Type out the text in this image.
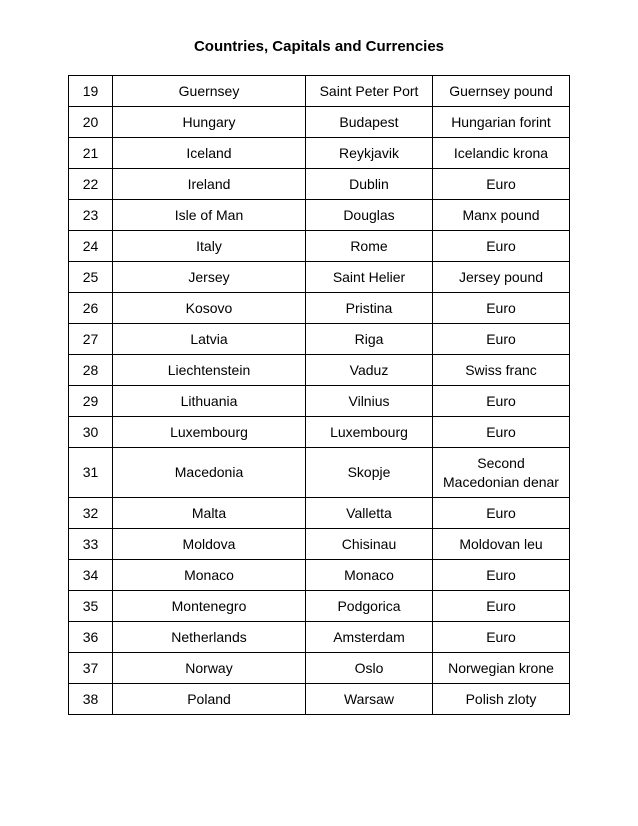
Countries, Capitals and Currencies
19	Guernsey	Saint Peter Port	Guernsey pound
20	Hungary	Budapest	Hungarian forint
21	Iceland	Reykjavik	Icelandic krona
22	Ireland	Dublin	Euro
23	Isle of Man	Douglas	Manx pound
24	Italy	Rome	Euro
25	Jersey	Saint Helier	Jersey pound
26	Kosovo	Pristina	Euro
27	Latvia	Riga	Euro
28	Liechtenstein	Vaduz	Swiss franc
29	Lithuania	Vilnius	Euro
30	Luxembourg	Luxembourg	Euro
31	Macedonia	Skopje	Second Macedonian denar
32	Malta	Valletta	Euro
33	Moldova	Chisinau	Moldovan leu
34	Monaco	Monaco	Euro
35	Montenegro	Podgorica	Euro
36	Netherlands	Amsterdam	Euro
37	Norway	Oslo	Norwegian krone
38	Poland	Warsaw	Polish zloty
